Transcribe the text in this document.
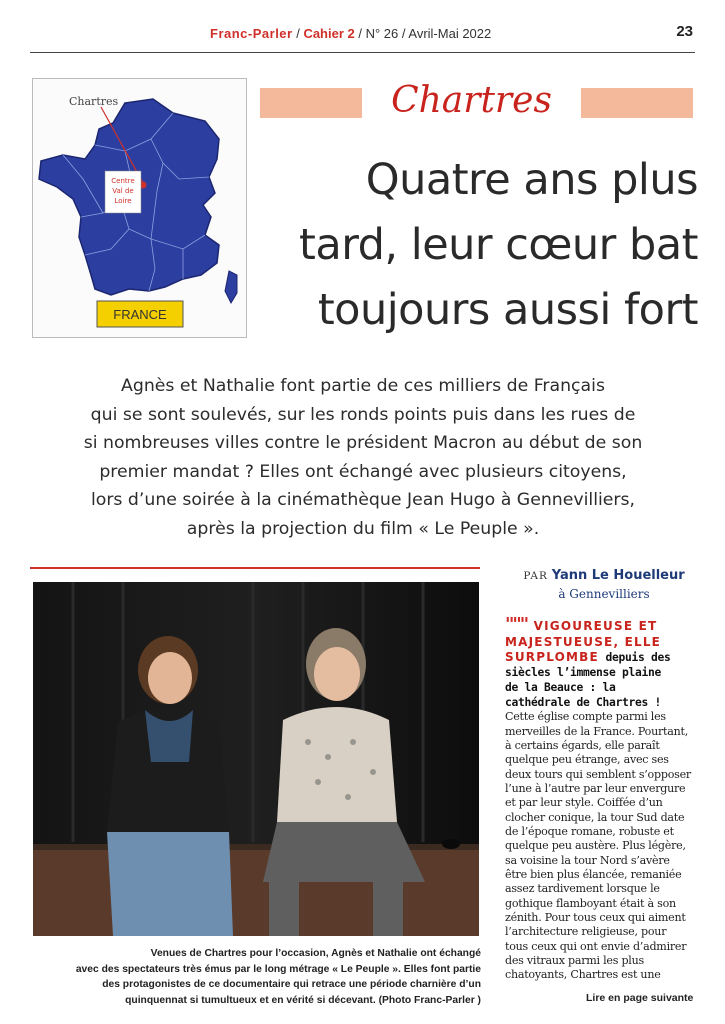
Franc-Parler / Cahier 2 / N° 26 / Avril-Mai 2022	23
Centre
Val de
Loire
Chartres
FRANCE
Chartres
Quatre ans plus
tard, leur cœur bat
toujours aussi fort
Agnès et Nathalie font partie de ces milliers de Français
qui se sont soulevés, sur les ronds points puis dans les rues de
si nombreuses villes contre le président Macron au début de son
premier mandat ? Elles ont échangé avec plusieurs citoyens,
lors d’une soirée à la cinémathèque Jean Hugo à Gennevilliers,
après la projection du film « Le Peuple ».
Venues de Chartres pour l’occasion, Agnès et Nathalie ont échangé
avec des spectateurs très émus par le long métrage « Le Peuple ». Elles font partie
des protagonistes de ce documentaire qui retrace une période charnière d’un
quinquennat si tumultueux et en vérité si décevant. (Photo Franc-Parler )
PAR Yann Le Houelleur
à Gennevilliers
""" VIGOUREUSE ET
MAJESTUEUSE, ELLE
SURPLOMBE depuis des
siècles l’immense plaine
de la Beauce : la
cathédrale de Chartres !
Cette église compte parmi les
merveilles de la France. Pourtant,
à certains égards, elle paraît
quelque peu étrange, avec ses
deux tours qui semblent s’opposer
l’une à l’autre par leur envergure
et par leur style. Coiffée d’un
clocher conique, la tour Sud date
de l’époque romane, robuste et
quelque peu austère. Plus légère,
sa voisine la tour Nord s’avère
être bien plus élancée, remaniée
assez tardivement lorsque le
gothique flamboyant était à son
zénith. Pour tous ceux qui aiment
l’architecture religieuse, pour
tous ceux qui ont envie d’admirer
des vitraux parmi les plus
chatoyants, Chartres est une
Lire en page suivante
